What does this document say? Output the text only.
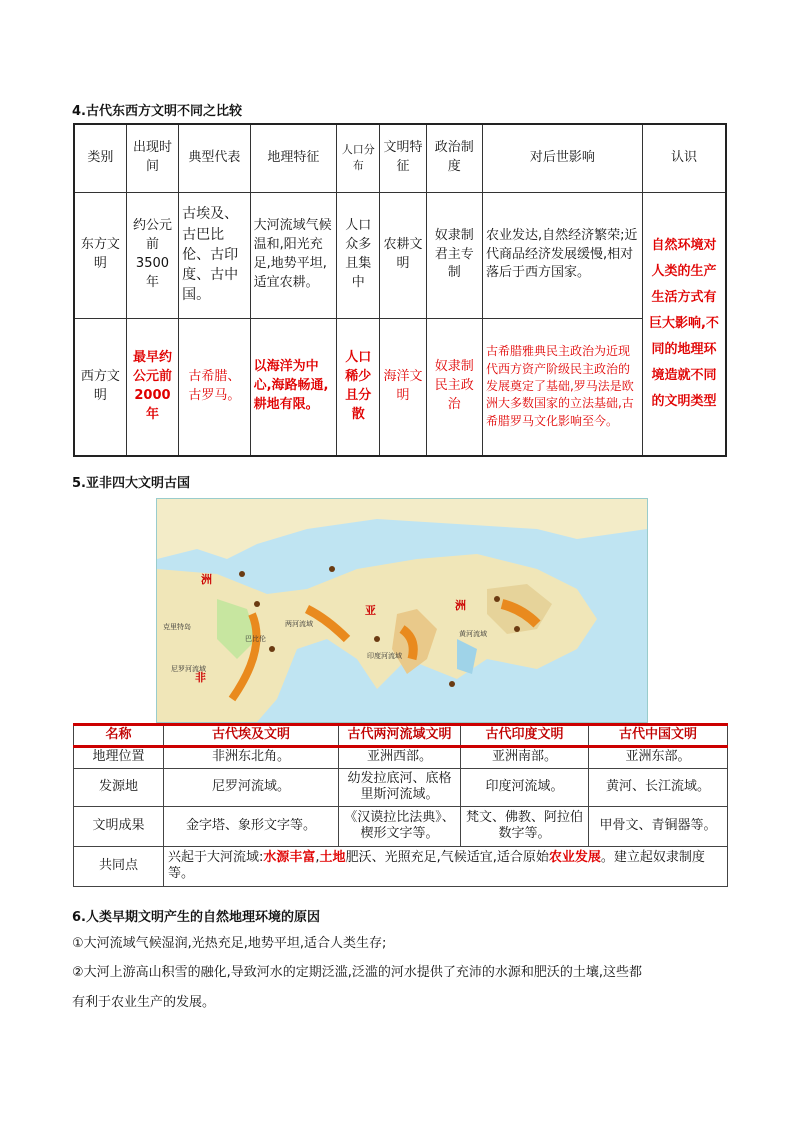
4.古代东西方文明不同之比较
类别	出现时间	典型代表	地理特征	人口分布	文明特征	政治制度	对后世影响	认识
东方文明	约公元前3500年	古埃及、古巴比伦、古印度、古中国。	大河流域气候温和,阳光充足,地势平坦,适宜农耕。	人口众多且集中	农耕文明	奴隶制君主专制	农业发达,自然经济繁荣;近代商品经济发展缓慢,相对落后于西方国家。	自然环境对人类的生产生活方式有巨大影响,不同的地理环境造就不同的文明类型
西方文明	最早约公元前2000年	古希腊、古罗马。	以海洋为中心,海路畅通,耕地有限。	人口稀少且分散	海洋文明	奴隶制民主政治	古希腊雅典民主政治为近现代西方资产阶级民主政治的发展奠定了基础,罗马法是欧洲大多数国家的立法基础,古希腊罗马文化影响至今。	
5.亚非四大文明古国
洲
亚	洲
非
两河流域
克里特岛
巴比伦
尼罗河流域
印度河流域
黄河流域
名称	古代埃及文明	古代两河流域文明	古代印度文明	古代中国文明
地理位置	非洲东北角。	亚洲西部。	亚洲南部。	亚洲东部。
发源地	尼罗河流域。	幼发拉底河、底格里斯河流域。	印度河流域。	黄河、长江流域。
文明成果	金字塔、象形文字等。	《汉谟拉比法典》、楔形文字等。	梵文、佛教、阿拉伯数字等。	甲骨文、青铜器等。
共同点	兴起于大河流域:水源丰富,土地肥沃、光照充足,气候适宜,适合原始农业发展。建立起奴隶制度等。			
6.人类早期文明产生的自然地理环境的原因
①大河流域气候湿润,光热充足,地势平坦,适合人类生存;
②大河上游高山积雪的融化,导致河水的定期泛滥,泛滥的河水提供了充沛的水源和肥沃的土壤,这些都
有利于农业生产的发展。
